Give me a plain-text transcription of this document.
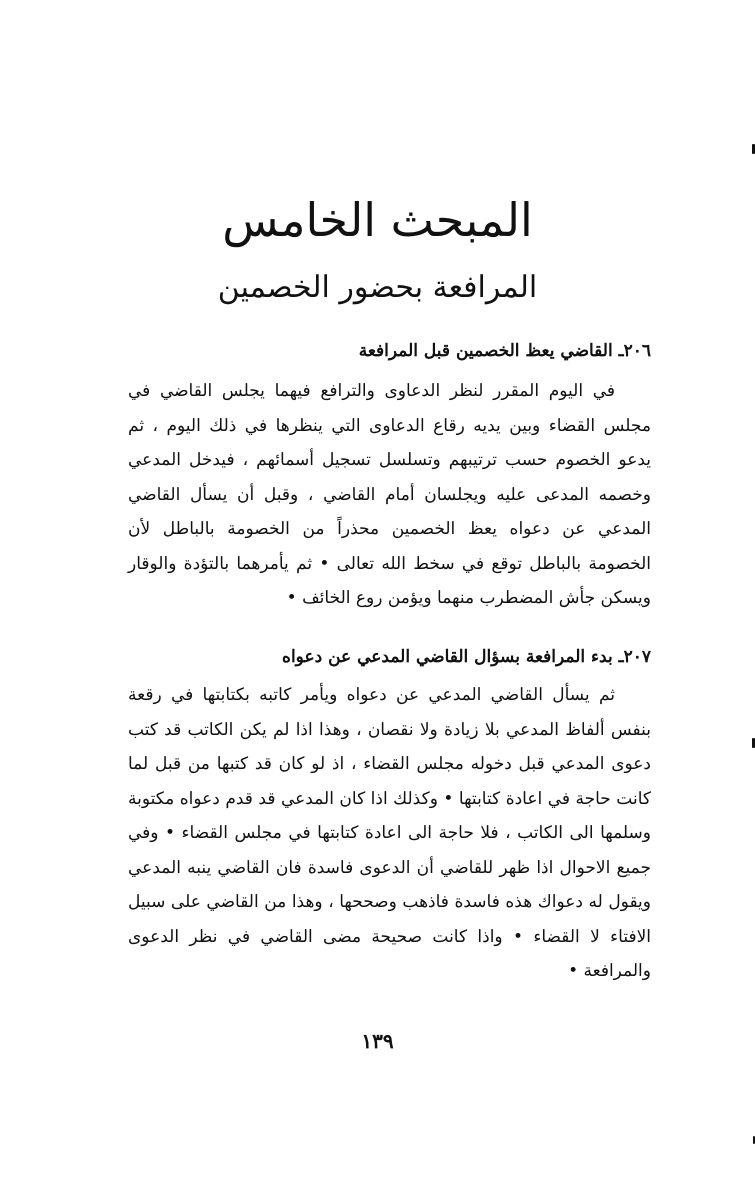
المبحث الخامس
المرافعة بحضور الخصمين

٢٠٦ـ القاضي يعظ الخصمين قبل المرافعة

في اليوم المقرر لنظر الدعاوى والترافع فيهما يجلس القاضي في مجلس القضاء وبين يديه رقاع الدعاوى التي ينظرها في ذلك اليوم ، ثم يدعو الخصوم حسب ترتيبهم وتسلسل تسجيل أسمائهم ، فيدخل المدعي وخصمه المدعى عليه ويجلسان أمام القاضي ، وقبل أن يسأل القاضي المدعي عن دعواه يعظ الخصمين محذراً من الخصومة بالباطل لأن الخصومة بالباطل توقع في سخط الله تعالى • ثم يأمرهما بالتؤدة والوقار ويسكن جأش المضطرب منهما ويؤمن روع الخائف •

٢٠٧ـ بدء المرافعة بسؤال القاضي المدعي عن دعواه

ثم يسأل القاضي المدعي عن دعواه ويأمر كاتبه بكتابتها في رقعة بنفس ألفاظ المدعي بلا زيادة ولا نقصان ، وهذا اذا لم يكن الكاتب قد كتب دعوى المدعي قبل دخوله مجلس القضاء ، اذ لو كان قد كتبها من قبل لما كانت حاجة في اعادة كتابتها • وكذلك اذا كان المدعي قد قدم دعواه مكتوبة وسلمها الى الكاتب ، فلا حاجة الى اعادة كتابتها في مجلس القضاء • وفي جميع الاحوال اذا ظهر للقاضي أن الدعوى فاسدة فان القاضي ينبه المدعي ويقول له دعواك هذه فاسدة فاذهب وصححها ، وهذا من القاضي على سبيل الافتاء لا القضاء • واذا كانت صحيحة مضى القاضي في نظر الدعوى والمرافعة •

١٣٩
